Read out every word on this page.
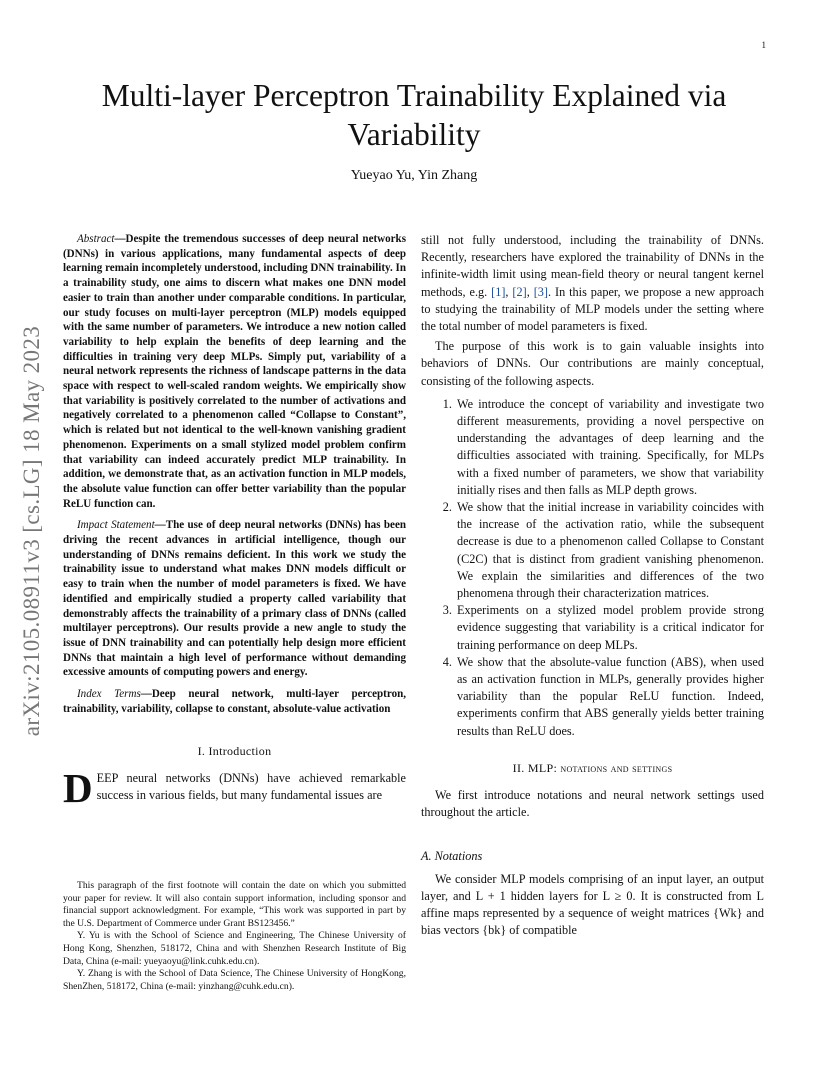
1
arXiv:2105.08911v3 [cs.LG] 18 May 2023
Multi-layer Perceptron Trainability Explained via Variability
Yueyao Yu, Yin Zhang

Abstract—Despite the tremendous successes of deep neural networks (DNNs) in various applications, many fundamental aspects of deep learning remain incompletely understood, including DNN trainability. In a trainability study, one aims to discern what makes one DNN model easier to train than another under comparable conditions. In particular, our study focuses on multi-layer perceptron (MLP) models equipped with the same number of parameters. We introduce a new notion called variability to help explain the benefits of deep learning and the difficulties in training very deep MLPs. Simply put, variability of a neural network represents the richness of landscape patterns in the data space with respect to well-scaled random weights. We empirically show that variability is positively correlated to the number of activations and negatively correlated to a phenomenon called “Collapse to Constant”, which is related but not identical to the well-known vanishing gradient phenomenon. Experiments on a small stylized model problem confirm that variability can indeed accurately predict MLP trainability. In addition, we demonstrate that, as an activation function in MLP models, the absolute value function can offer better variability than the popular ReLU function can.

Impact Statement—The use of deep neural networks (DNNs) has been driving the recent advances in artificial intelligence, though our understanding of DNNs remains deficient. In this work we study the trainability issue to understand what makes DNN models difficult or easy to train when the number of model parameters is fixed. We have identified and empirically studied a property called variability that demonstrably affects the trainability of a primary class of DNNs (called multilayer perceptrons). Our results provide a new angle to study the issue of DNN trainability and can potentially help design more efficient DNNs that maintain a high level of performance without demanding excessive amounts of computing powers and energy.

Index Terms—Deep neural network, multi-layer perceptron, trainability, variability, collapse to constant, absolute-value activation

I. Introduction

DEEP neural networks (DNNs) have achieved remarkable success in various fields, but many fundamental issues are

This paragraph of the first footnote will contain the date on which you submitted your paper for review. It will also contain support information, including sponsor and financial support acknowledgment. For example, “This work was supported in part by the U.S. Department of Commerce under Grant BS123456.”

Y. Yu is with the School of Science and Engineering, The Chinese University of Hong Kong, Shenzhen, 518172, China and with Shenzhen Research Institute of Big Data, China (e-mail: yueyaoyu@link.cuhk.edu.cn).

Y. Zhang is with the School of Data Science, The Chinese University of HongKong, ShenZhen, 518172, China (e-mail: yinzhang@cuhk.edu.cn).

still not fully understood, including the trainability of DNNs. Recently, researchers have explored the trainability of DNNs in the infinite-width limit using mean-field theory or neural tangent kernel methods, e.g. [1], [2], [3]. In this paper, we propose a new approach to studying the trainability of MLP models under the setting where the total number of model parameters is fixed.

The purpose of this work is to gain valuable insights into behaviors of DNNs. Our contributions are mainly conceptual, consisting of the following aspects.

1. We introduce the concept of variability and investigate two different measurements, providing a novel perspective on understanding the advantages of deep learning and the difficulties associated with training. Specifically, for MLPs with a fixed number of parameters, we show that variability initially rises and then falls as MLP depth grows.
2. We show that the initial increase in variability coincides with the increase of the activation ratio, while the subsequent decrease is due to a phenomenon called Collapse to Constant (C2C) that is distinct from gradient vanishing phenomenon. We explain the similarities and differences of the two phenomena through their characterization matrices.
3. Experiments on a stylized model problem provide strong evidence suggesting that variability is a critical indicator for training performance on deep MLPs.
4. We show that the absolute-value function (ABS), when used as an activation function in MLPs, generally provides higher variability than the popular ReLU function. Indeed, experiments confirm that ABS generally yields better training results than ReLU does.
II. MLP: notations and settings

We first introduce notations and neural network settings used throughout the article.

A. Notations

We consider MLP models comprising of an input layer, an output layer, and L + 1 hidden layers for L ≥ 0. It is constructed from L affine maps represented by a sequence of weight matrices {Wk} and bias vectors {bk} of compatible
